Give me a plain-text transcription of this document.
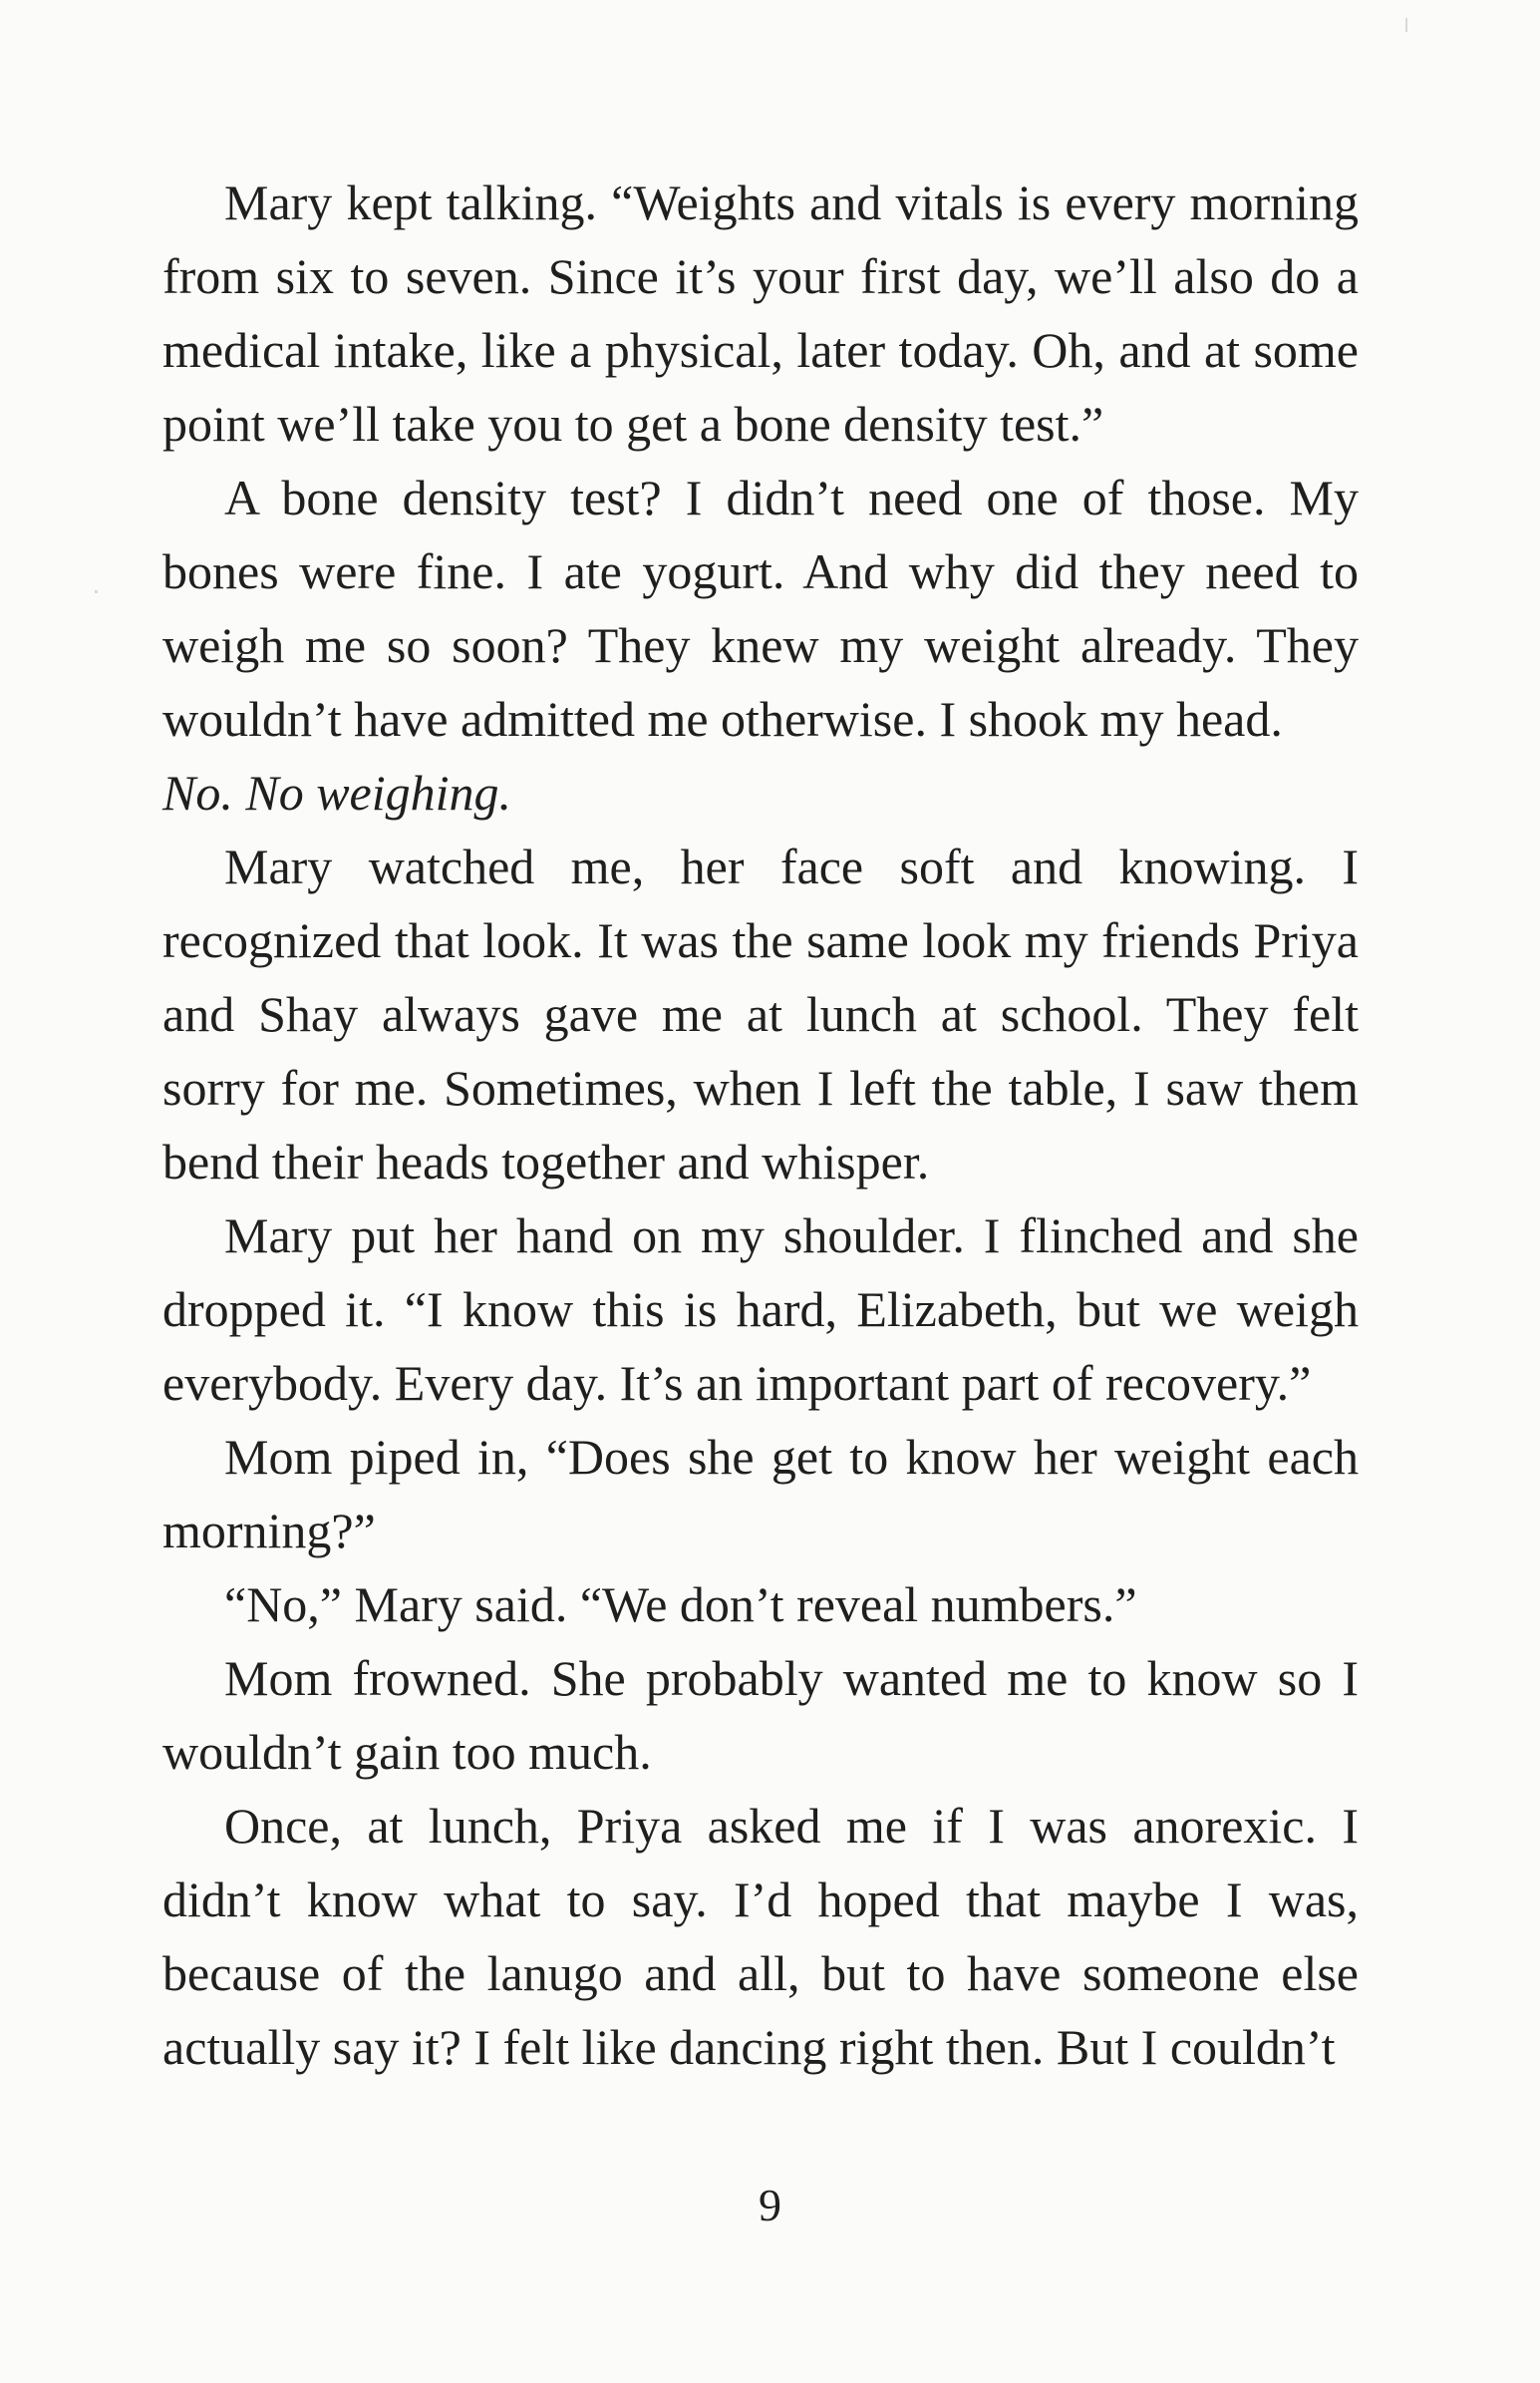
Mary kept talking. “Weights and vitals is every morning from six to seven. Since it’s your first day, we’ll also do a medical intake, like a physical, later today. Oh, and at some point we’ll take you to get a bone density test.”

A bone density test? I didn’t need one of those. My bones were fine. I ate yogurt. And why did they need to weigh me so soon? They knew my weight already. They wouldn’t have admitted me otherwise. I shook my head.

No. No weighing.

Mary watched me, her face soft and knowing. I recognized that look. It was the same look my friends Priya and Shay always gave me at lunch at school. They felt sorry for me. Sometimes, when I left the table, I saw them bend their heads together and whisper.

Mary put her hand on my shoulder. I flinched and she dropped it. “I know this is hard, Elizabeth, but we weigh everybody. Every day. It’s an important part of recovery.”

Mom piped in, “Does she get to know her weight each morning?”

“No,” Mary said. “We don’t reveal numbers.”

Mom frowned. She probably wanted me to know so I wouldn’t gain too much.

Once, at lunch, Priya asked me if I was anorexic. I didn’t know what to say. I’d hoped that maybe I was, because of the lanugo and all, but to have someone else actually say it? I felt like dancing right then. But I couldn’t

9
